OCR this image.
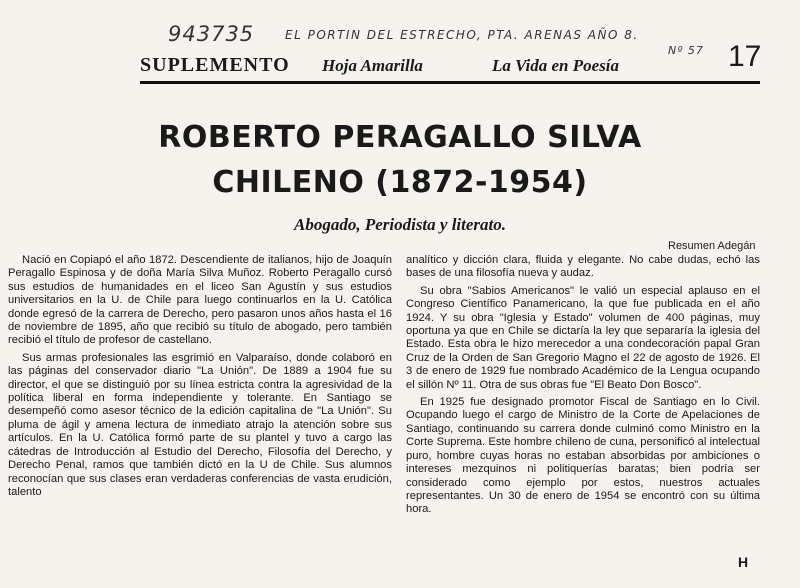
943735	EL PORTIN DEL ESTRECHO, PTA. ARENAS AÑO 8.
Nº 57
SUPLEMENTO Hoja Amarilla	La Vida en Poesía	17
ROBERTO PERAGALLO SILVA
CHILENO (1872-1954)
Abogado, Periodista y literato.
Resumen Adegán

Nació en Copiapó el año 1872. Descendiente de italianos, hijo de Joaquín Peragallo Espinosa y de doña María Silva Muñoz. Roberto Peragallo cursó sus estudios de humanidades en el liceo San Agustín y sus estudios universitarios en la U. de Chile para luego continuarlos en la U. Católica donde egresó de la carrera de Derecho, pero pasaron unos años hasta el 16 de noviembre de 1895, año que recibió su título de abogado, pero también recibió el título de profesor de castellano.

Sus armas profesionales las esgrimió en Valparaíso, donde colaboró en las páginas del conservador diario "La Unión". De 1889 a 1904 fue su director, el que se distinguió por su línea estricta contra la agresividad de la política liberal en forma independiente y tolerante. En Santiago se desempeñó como asesor técnico de la edición capitalina de "La Unión". Su pluma de ágil y amena lectura de inmediato atrajo la atención sobre sus artículos. En la U. Católica formó parte de su plantel y tuvo a cargo las cátedras de Introducción al Estudio del Derecho, Filosofía del Derecho, y Derecho Penal, ramos que también dictó en la U de Chile. Sus alumnos reconocían que sus clases eran verdaderas conferencias de vasta erudición, talento

analítico y dicción clara, fluida y elegante. No cabe dudas, echó las bases de una filosofía nueva y audaz.

Su obra "Sabios Americanos" le valió un especial aplauso en el Congreso Científico Panamericano, la que fue publicada en el año 1924. Y su obra "Iglesia y Estado" volumen de 400 páginas, muy oportuna ya que en Chile se dictaría la ley que separaría la iglesia del Estado. Esta obra le hizo merecedor a una condecoración papal Gran Cruz de la Orden de San Gregorio Magno el 22 de agosto de 1926. El 3 de enero de 1929 fue nombrado Académico de la Lengua ocupando el sillón Nº 11. Otra de sus obras fue "El Beato Don Bosco".

En 1925 fue designado promotor Fiscal de Santiago en lo Civil. Ocupando luego el cargo de Ministro de la Corte de Apelaciones de Santiago, continuando su carrera donde culminó como Ministro en la Corte Suprema. Este hombre chileno de cuna, personificó al intelectual puro, hombre cuyas horas no estaban absorbidas por ambiciones o intereses mezquinos ni politiquerías baratas; bien podría ser considerado como ejemplo por estos, nuestros actuales representantes. Un 30 de enero de 1954 se encontró con su última hora.

H
